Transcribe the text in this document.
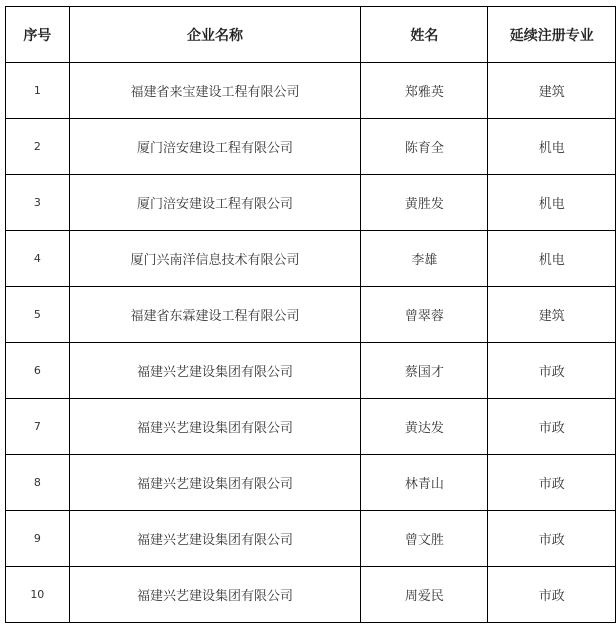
序号	企业名称	姓名	延续注册专业
1	福建省来宝建设工程有限公司	郑雅英	建筑
2	厦门涪安建设工程有限公司	陈育全	机电
3	厦门涪安建设工程有限公司	黄胜发	机电
4	厦门兴南洋信息技术有限公司	李雄	机电
5	福建省东霖建设工程有限公司	曾翠蓉	建筑
6	福建兴艺建设集团有限公司	蔡国才	市政
7	福建兴艺建设集团有限公司	黄达发	市政
8	福建兴艺建设集团有限公司	林青山	市政
9	福建兴艺建设集团有限公司	曾文胜	市政
10	福建兴艺建设集团有限公司	周爱民	市政
